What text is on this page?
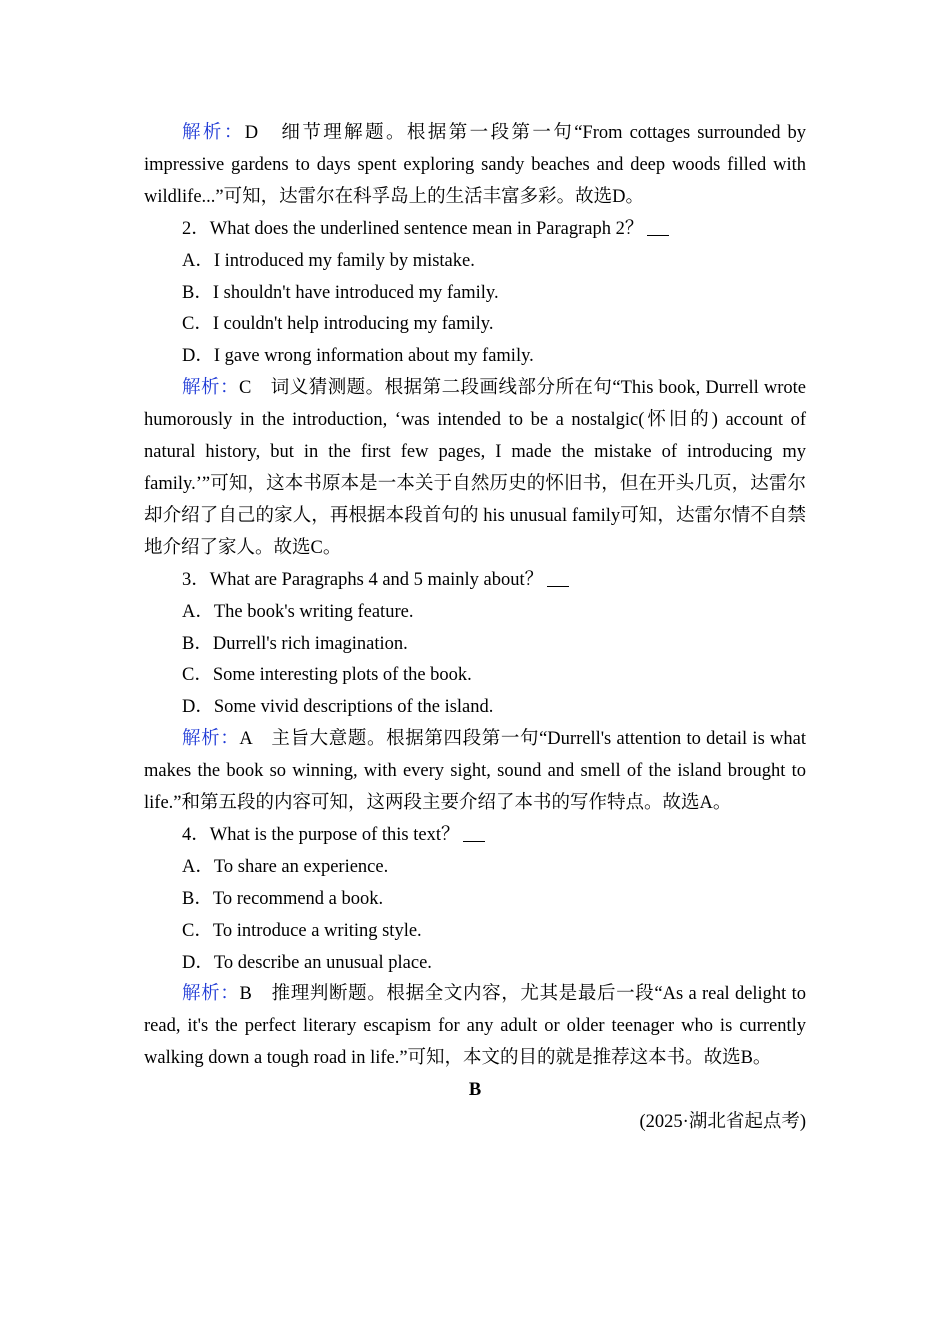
解析：D　细节理解题。根据第一段第一句“From cottages surrounded by impressive gardens to days spent exploring sandy beaches and deep woods filled with wildlife...”可知，达雷尔在科孚岛上的生活丰富多彩。故选D。

2．What does the underlined sentence mean in Paragraph 2？

A．I introduced my family by mistake.

B．I shouldn't have introduced my family.

C．I couldn't help introducing my family.

D．I gave wrong information about my family.

解析：C　词义猜测题。根据第二段画线部分所在句“This book, Durrell wrote humorously in the introduction, ‘was intended to be a nostalgic(怀旧的) account of natural history, but in the first few pages, I made the mistake of introducing my family.’”可知，这本书原本是一本关于自然历史的怀旧书，但在开头几页，达雷尔却介绍了自己的家人，再根据本段首句的 his unusual family可知，达雷尔情不自禁地介绍了家人。故选C。

3．What are Paragraphs 4 and 5 mainly about？

A．The book's writing feature.

B．Durrell's rich imagination.

C．Some interesting plots of the book.

D．Some vivid descriptions of the island.

解析：A　主旨大意题。根据第四段第一句“Durrell's attention to detail is what makes the book so winning, with every sight, sound and smell of the island brought to life.”和第五段的内容可知，这两段主要介绍了本书的写作特点。故选A。

4．What is the purpose of this text？

A．To share an experience.

B．To recommend a book.

C．To introduce a writing style.

D．To describe an unusual place.

解析：B　推理判断题。根据全文内容，尤其是最后一段“As a real delight to read, it's the perfect literary escapism for any adult or older teenager who is currently walking down a tough road in life.”可知，本文的目的就是推荐这本书。故选B。

B

(2025·湖北省起点考)
